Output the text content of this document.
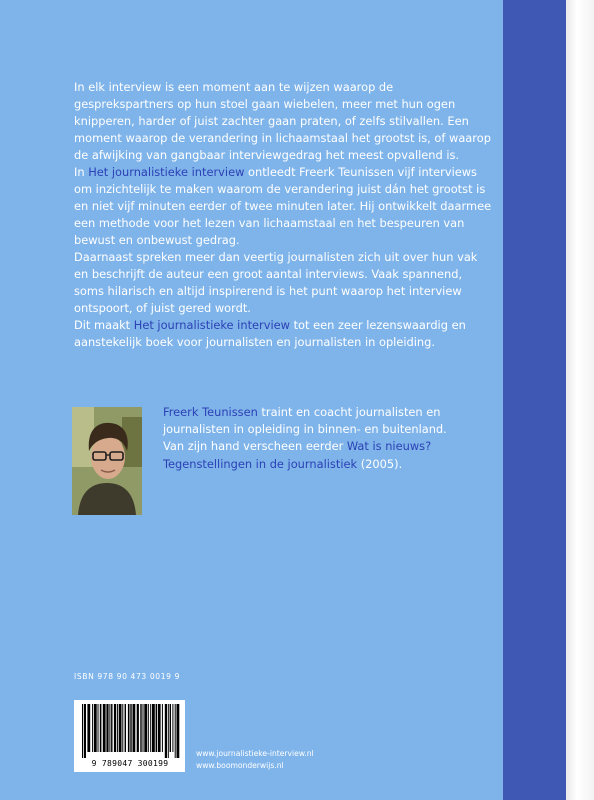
In elk interview is een moment aan te wijzen waarop de gesprekspartners op hun stoel gaan wiebelen, meer met hun ogen knipperen, harder of juist zachter gaan praten, of zelfs stilvallen. Een moment waarop de verandering in lichaamstaal het grootst is, of waarop de afwijking van gangbaar interviewgedrag het meest opvallend is.

In Het journalistieke interview ontleedt Freerk Teunissen vijf interviews om inzichtelijk te maken waarom de verandering juist dán het grootst is en niet vijf minuten eerder of twee minuten later. Hij ontwikkelt daarmee een methode voor het lezen van lichaamstaal en het bespeuren van bewust en onbewust gedrag.

Daarnaast spreken meer dan veertig journalisten zich uit over hun vak en beschrijft de auteur een groot aantal interviews. Vaak spannend, soms hilarisch en altijd inspirerend is het punt waarop het interview ontspoort, of juist gered wordt.

Dit maakt Het journalistieke interview tot een zeer lezenswaardig en aanstekelijk boek voor journalisten en journalisten in opleiding.

Freerk Teunissen traint en coacht journalisten en journalisten in opleiding in binnen- en buitenland.

Van zijn hand verscheen eerder Wat is nieuws? Tegenstellingen in de journalistiek (2005).

ISBN 978 90 473 0019 9
9 789047 300199
www.journalistieke-interview.nl
www.boomonderwijs.nl
